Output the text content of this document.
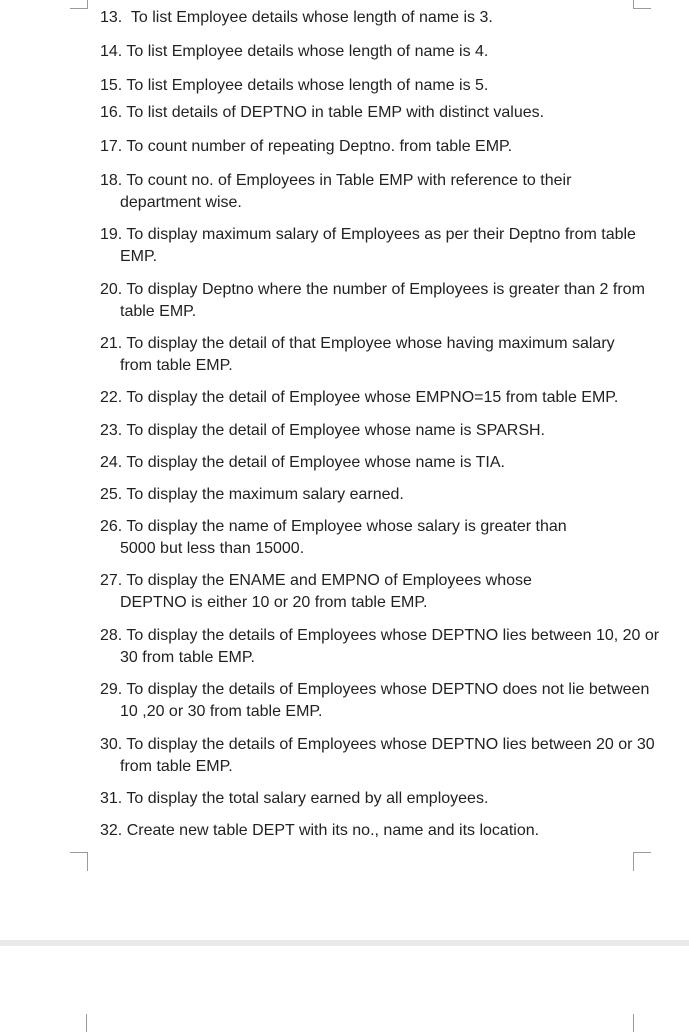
13. To list Employee details whose length of name is 3.
14. To list Employee details whose length of name is 4.
15. To list Employee details whose length of name is 5.
16. To list details of DEPTNO in table EMP with distinct values.
17. To count number of repeating Deptno. from table EMP.
18. To count no. of Employees in Table EMP with reference to their
department wise.
19. To display maximum salary of Employees as per their Deptno from table
EMP.
20. To display Deptno where the number of Employees is greater than 2 from
table EMP.
21. To display the detail of that Employee whose having maximum salary
from table EMP.
22. To display the detail of Employee whose EMPNO=15 from table EMP.
23. To display the detail of Employee whose name is SPARSH.
24. To display the detail of Employee whose name is TIA.
25. To display the maximum salary earned.
26. To display the name of Employee whose salary is greater than
5000 but less than 15000.
27. To display the ENAME and EMPNO of Employees whose
DEPTNO is either 10 or 20 from table EMP.
28. To display the details of Employees whose DEPTNO lies between 10, 20 or
30 from table EMP.
29. To display the details of Employees whose DEPTNO does not lie between
10 ,20 or 30 from table EMP.
30. To display the details of Employees whose DEPTNO lies between 20 or 30
from table EMP.
31. To display the total salary earned by all employees.
32. Create new table DEPT with its no., name and its location.
